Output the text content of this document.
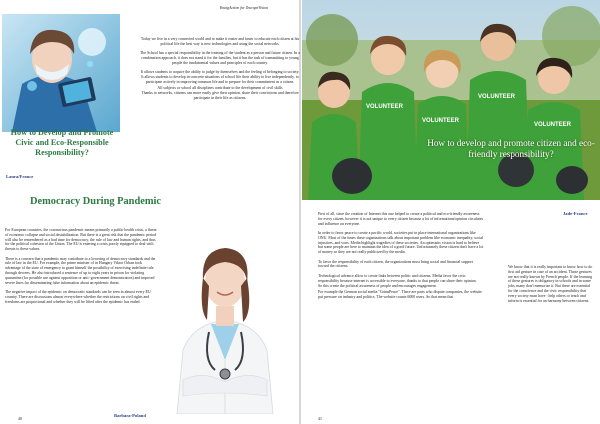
YoungAction for TeurapeVision

Today we live in a very connected world and to make it easier and faster to educate each citizen at his political life the best way is new technologies and using the social networks.

The School has a special responsibility in the training of the student as a person and future citizen. In a combination approach, it does not stand it for the families, but it has the task of transmitting to young people the fundamental values and principles of each country.

It allows students to acquire the ability to judge by themselves and the feeling of belonging to society. It allows students to develop in concrete situations of school life their ability to live independently, to participate actively in improving common life and to prepare for their commitment as a citizen.

All subjects or school all disciplines contribute to the development of civil skills

Thanks to networks, citizens can more easily give their opinion, share their convictions and therefore participate in their life as citizens.

How to Develop and Promote Civic and Eco-Responsible Responsibility?
Laura/France
Democracy During Pandemic

For European countries, the coronavirus pandemic means primarily a public health crisis, a threat of economic collapse and social destabilization. But there is a great risk that the pandemic period will also be remembered as a bad time for democracy, the rule of law and human rights, and thus for the political cohesion of the Union. The EU is entering a crisis poorly equipped to deal with threats to these values.

There is a concern that a pandemic may contribute to a lowering of democracy standards and the rule of law in the EU. For example, the prime minister of in Hungary Viktor Orban took advantage of the state of emergency to grant himself the possibility of exercising indefinite rule through decrees. He also introduced a sentence of up to eight years in prison for violating quarantine (for possible use against opposition or anti -government demonstrators) and imposed severe fines for disseminating false information about an epidemic threat.

The negative impact of the epidemic on democratic standards can be seen in almost every EU country. There are discussions almost everywhere whether the restrictions on civil rights and freedoms are proportional and whether they will be lifted after the epidemic has ended.

Barbara-Poland
40
VOLUNTEER
VOLUNTEER
VOLUNTEER
VOLUNTEER
How to develop and promote citizen and eco-friendly responsibility?
Jade-France

First of all, since the creation of Internet this one helped to create a political and eco-friendly awareness for every citizen, however it is not unique to every citizen because a lot of informations/opinion circulates and influence on everyone.

In order to favor peace to create a pacific world, societies put in place international organizations like ONU. Most of the times these organizations talk about important problem like economic inequality, social injustices, and wars. Media highlight tragedies of these societies. An optimistic vision is hard to believe but some people are here to maintain the idea of a good future. Unfortunately these citizen don't have a lot of money so they are not really publicized by the media.

To favor the responsibility of each citizen, the organizations must bring social and financial support toward the citizens.

Technological advance allow to create links between politic and citizens. Media favor the civic responsibility because internet is accessible to everyone, thanks to that people can share their opinion.

So this create the political awareness of people and encourages engagement.

For example the German social media "GrinnPeace". There are parts who dispute companies, the website put pressure on industry and politics. The website counts 6000 users. So that mean that

We know that it is really important to know how to do first aid gesture in case of an accident. Those gestures are not really known by French people. If the learning of these gestures is obligatory in schools and in some jobs, many don't memorize it. But these are essential for the conscience and the civic responsibility that every society must have : help others or teach and inform is essential for an harmony between citizens.

41
